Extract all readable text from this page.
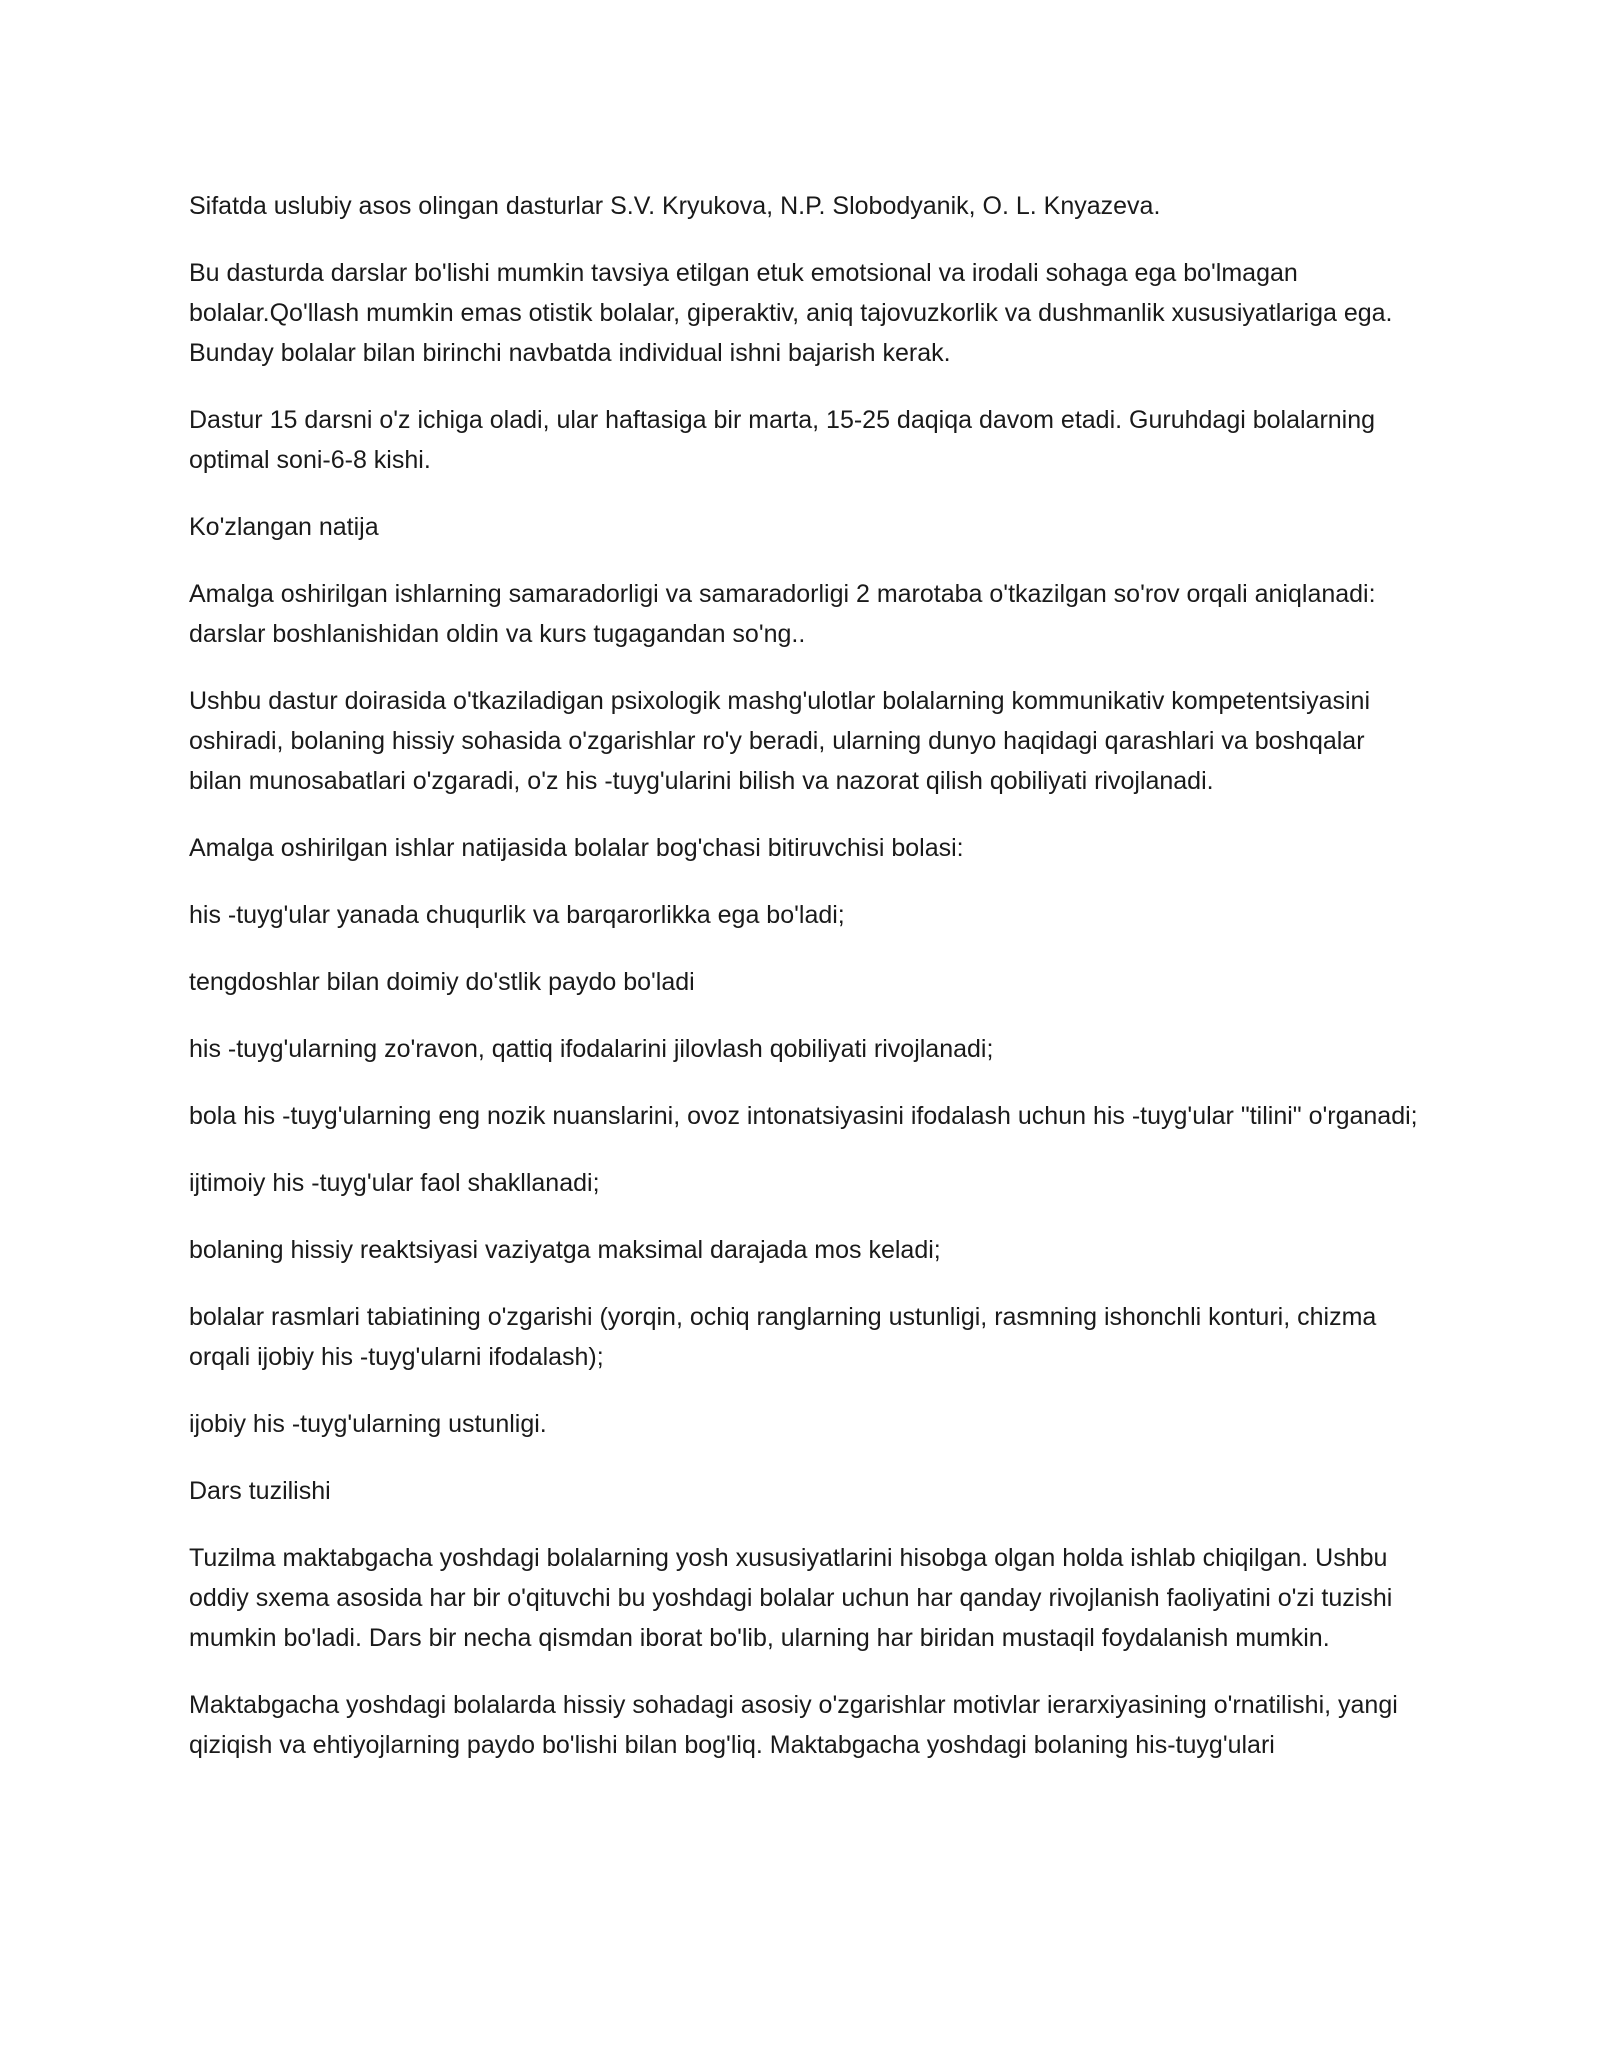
Sifatda uslubiy asos olingan dasturlar S.V. Kryukova, N.P. Slobodyanik, O. L. Knyazeva.

Bu dasturda darslar bo'lishi mumkin tavsiya etilgan etuk emotsional va irodali sohaga ega bo'lmagan bolalar.Qo'llash mumkin emas otistik bolalar, giperaktiv, aniq tajovuzkorlik va dushmanlik xususiyatlariga ega. Bunday bolalar bilan birinchi navbatda individual ishni bajarish kerak.

Dastur 15 darsni o'z ichiga oladi, ular haftasiga bir marta, 15-25 daqiqa davom etadi. Guruhdagi bolalarning optimal soni-6-8 kishi.

Ko'zlangan natija

Amalga oshirilgan ishlarning samaradorligi va samaradorligi 2 marotaba o'tkazilgan so'rov orqali aniqlanadi: darslar boshlanishidan oldin va kurs tugagandan so'ng..

Ushbu dastur doirasida o'tkaziladigan psixologik mashg'ulotlar bolalarning kommunikativ kompetentsiyasini oshiradi, bolaning hissiy sohasida o'zgarishlar ro'y beradi, ularning dunyo haqidagi qarashlari va boshqalar bilan munosabatlari o'zgaradi, o'z his -tuyg'ularini bilish va nazorat qilish qobiliyati rivojlanadi.

Amalga oshirilgan ishlar natijasida bolalar bog'chasi bitiruvchisi bolasi:

his -tuyg'ular yanada chuqurlik va barqarorlikka ega bo'ladi;

tengdoshlar bilan doimiy do'stlik paydo bo'ladi

his -tuyg'ularning zo'ravon, qattiq ifodalarini jilovlash qobiliyati rivojlanadi;

bola his -tuyg'ularning eng nozik nuanslarini, ovoz intonatsiyasini ifodalash uchun his -tuyg'ular "tilini" o'rganadi;

ijtimoiy his -tuyg'ular faol shakllanadi;

bolaning hissiy reaktsiyasi vaziyatga maksimal darajada mos keladi;

bolalar rasmlari tabiatining o'zgarishi (yorqin, ochiq ranglarning ustunligi, rasmning ishonchli konturi, chizma orqali ijobiy his -tuyg'ularni ifodalash);

ijobiy his -tuyg'ularning ustunligi.

Dars tuzilishi

Tuzilma maktabgacha yoshdagi bolalarning yosh xususiyatlarini hisobga olgan holda ishlab chiqilgan. Ushbu oddiy sxema asosida har bir o'qituvchi bu yoshdagi bolalar uchun har qanday rivojlanish faoliyatini o'zi tuzishi mumkin bo'ladi. Dars bir necha qismdan iborat bo'lib, ularning har biridan mustaqil foydalanish mumkin.

Maktabgacha yoshdagi bolalarda hissiy sohadagi asosiy o'zgarishlar motivlar ierarxiyasining o'rnatilishi, yangi qiziqish va ehtiyojlarning paydo bo'lishi bilan bog'liq. Maktabgacha yoshdagi bolaning his-tuyg'ulari
